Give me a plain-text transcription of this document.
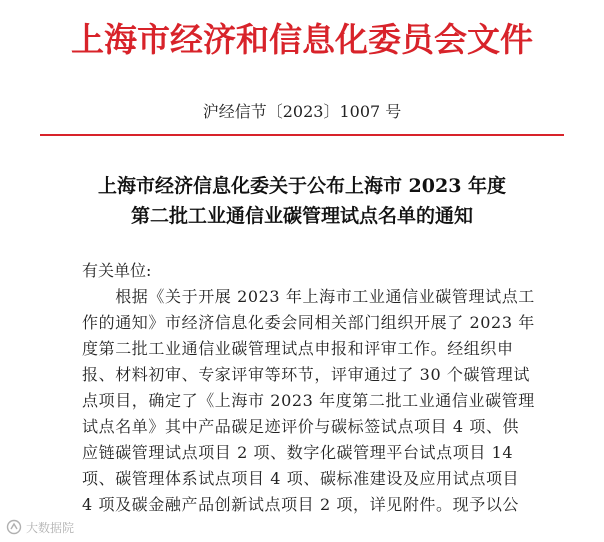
上海市经济和信息化委员会文件
沪经信节〔2023〕1007 号
上海市经济信息化委关于公布上海市 2023 年度
第二批工业通信业碳管理试点名单的通知
有关单位:
　　根据《关于开展 2023 年上海市工业通信业碳管理试点工
作的通知》市经济信息化委会同相关部门组织开展了 2023 年
度第二批工业通信业碳管理试点申报和评审工作。经组织申
报、材料初审、专家评审等环节，评审通过了 30 个碳管理试
点项目，确定了《上海市 2023 年度第二批工业通信业碳管理
试点名单》其中产品碳足迹评价与碳标签试点项目 4 项、供
应链碳管理试点项目 2 项、数字化碳管理平台试点项目 14
项、碳管理体系试点项目 4 项、碳标准建设及应用试点项目
4 项及碳金融产品创新试点项目 2 项，详见附件。现予以公
大数据院
